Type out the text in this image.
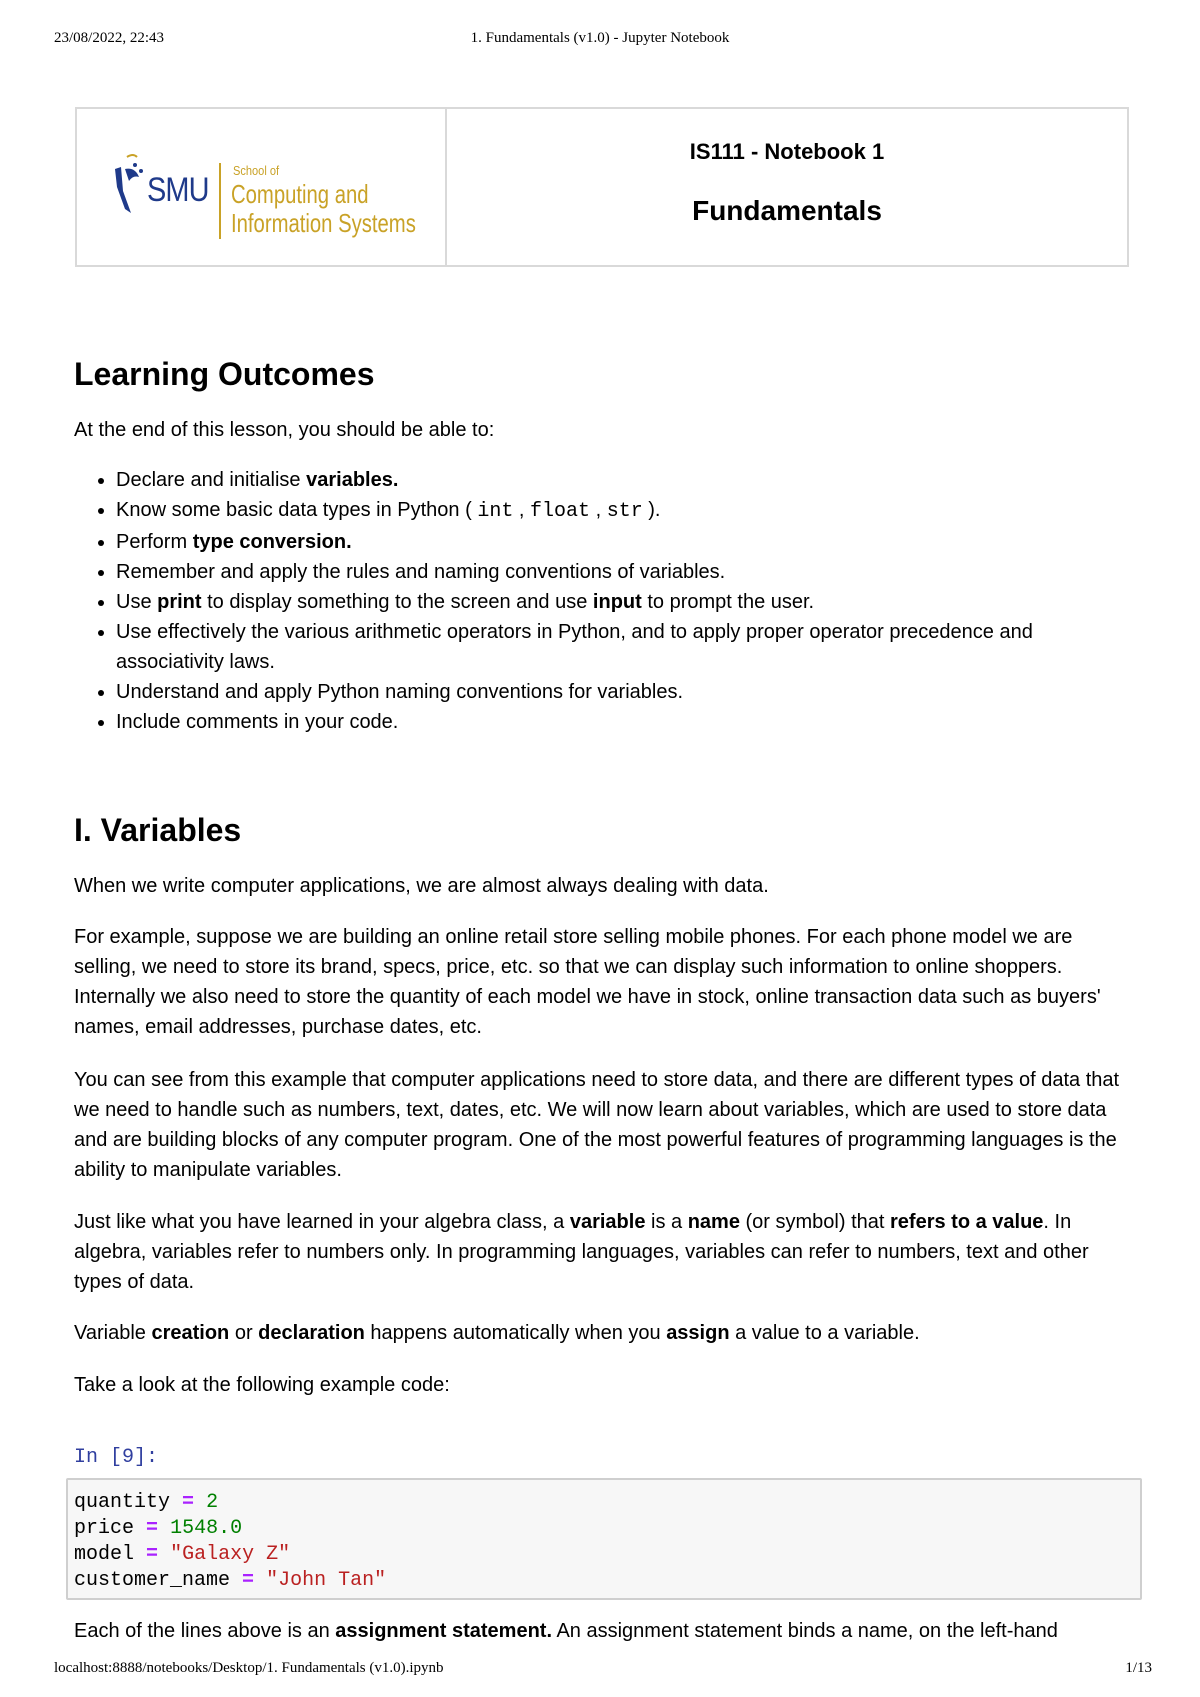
23/08/2022, 22:43	1. Fundamentals (v1.0) - Jupyter Notebook
SMU
School of
Computing and
Information Systems
IS111 - Notebook 1
Fundamentals
Learning Outcomes

At the end of this lesson, you should be able to:

• Declare and initialise variables.
• Know some basic data types in Python ( int , float , str ).
• Perform type conversion.
• Remember and apply the rules and naming conventions of variables.
• Use print to display something to the screen and use input to prompt the user.
• Use effectively the various arithmetic operators in Python, and to apply proper operator precedence and associativity laws.
• Understand and apply Python naming conventions for variables.
• Include comments in your code.
I. Variables

When we write computer applications, we are almost always dealing with data.

For example, suppose we are building an online retail store selling mobile phones. For each phone model we are selling, we need to store its brand, specs, price, etc. so that we can display such information to online shoppers. Internally we also need to store the quantity of each model we have in stock, online transaction data such as buyers' names, email addresses, purchase dates, etc.

You can see from this example that computer applications need to store data, and there are different types of data that we need to handle such as numbers, text, dates, etc. We will now learn about variables, which are used to store data and are building blocks of any computer program. One of the most powerful features of programming languages is the ability to manipulate variables.

Just like what you have learned in your algebra class, a variable is a name (or symbol) that refers to a value. In algebra, variables refer to numbers only. In programming languages, variables can refer to numbers, text and other types of data.

Variable creation or declaration happens automatically when you assign a value to a variable.

Take a look at the following example code:

Each of the lines above is an assignment statement. An assignment statement binds a name, on the left-hand

In [9]:
quantity = 2
price = 1548.0
model = "Galaxy Z"
customer_name = "John Tan"
localhost:8888/notebooks/Desktop/1. Fundamentals (v1.0).ipynb	1/13
